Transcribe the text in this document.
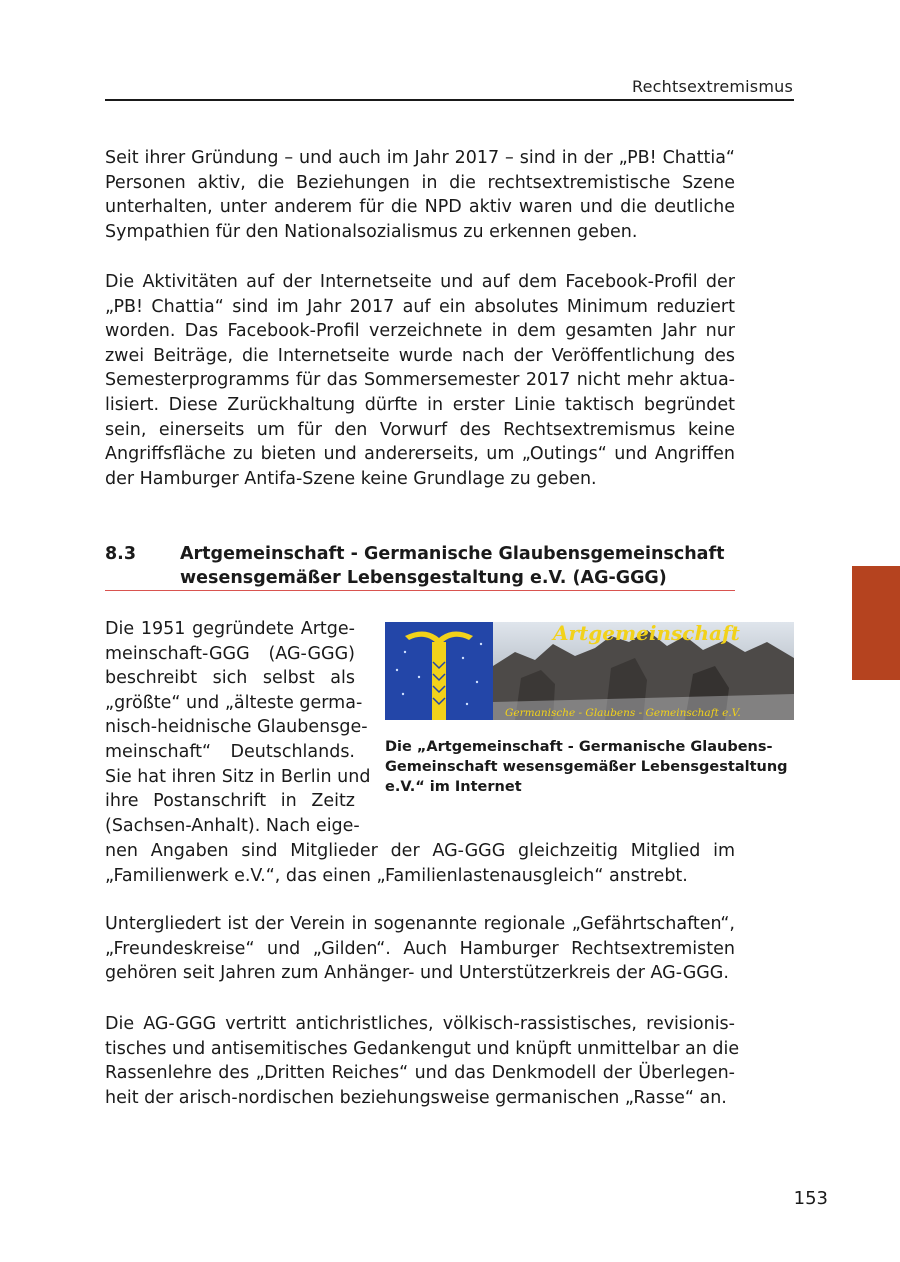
Rechtsextremismus
Seit ihrer Gründung – und auch im Jahr 2017 – sind in der „PB! Chattia“
Personen aktiv, die Beziehungen in die rechtsextremistische Szene
unterhalten, unter anderem für die NPD aktiv waren und die deutliche
Sympathien für den Nationalsozialismus zu erkennen geben.
Die Aktivitäten auf der Internetseite und auf dem Facebook-Profil der
„PB! Chattia“ sind im Jahr 2017 auf ein absolutes Minimum reduziert
worden. Das Facebook-Profil verzeichnete in dem gesamten Jahr nur
zwei Beiträge, die Internetseite wurde nach der Veröffentlichung des
Semesterprogramms für das Sommersemester 2017 nicht mehr aktua-
lisiert. Diese Zurückhaltung dürfte in erster Linie taktisch begründet
sein, einerseits um für den Vorwurf des Rechtsextremismus keine
Angriffsfläche zu bieten und andererseits, um „Outings“ und Angriffen
der Hamburger Antifa-Szene keine Grundlage zu geben.
8.3	Artgemeinschaft - Germanische Glaubensgemeinschaft
wesensgemäßer Lebensgestaltung e.V. (AG-GGG)
Die 1951 gegründete Artge-
meinschaft-GGG (AG-GGG)
beschreibt sich selbst als
„größte“ und „älteste germa-
nisch-heidnische Glaubensge-
meinschaft“ Deutschlands.
Sie hat ihren Sitz in Berlin und
ihre Postanschrift in Zeitz
(Sachsen-Anhalt). Nach eige-
nen Angaben sind Mitglieder der AG-GGG gleichzeitig Mitglied im
„Familienwerk e.V.“, das einen „Familienlastenausgleich“ anstrebt.
Artgemeinschaft
Germanische - Glaubens - Gemeinschaft e.V.
Die „Artgemeinschaft - Germanische Glaubens-
Gemeinschaft wesensgemäßer Lebensgestaltung
e.V.“ im Internet
Untergliedert ist der Verein in sogenannte regionale „Gefährtschaften“,
„Freundeskreise“ und „Gilden“. Auch Hamburger Rechtsextremisten
gehören seit Jahren zum Anhänger- und Unterstützerkreis der AG-GGG.
Die AG-GGG vertritt antichristliches, völkisch-rassistisches, revisionis-
tisches und antisemitisches Gedankengut und knüpft unmittelbar an die
Rassenlehre des „Dritten Reiches“ und das Denkmodell der Überlegen-
heit der arisch-nordischen beziehungsweise germanischen „Rasse“ an.
153
